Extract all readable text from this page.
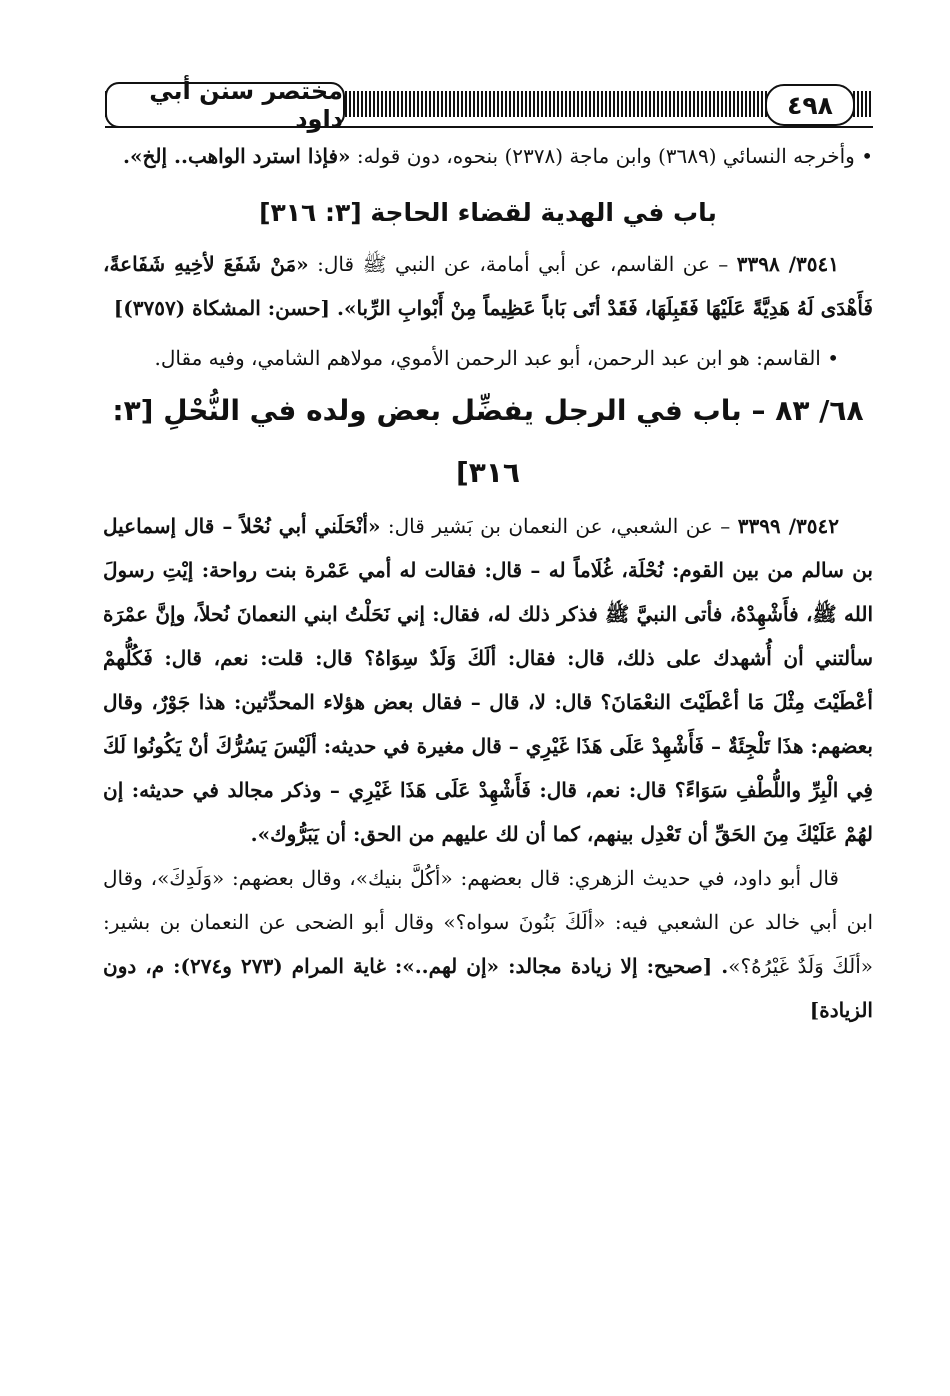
مختصر سنن أبي داود	٤٩٨

• وأخرجه النسائي (٣٦٨٩) وابن ماجة (٢٣٧٨) بنحوه، دون قوله: «فإذا استرد الواهب.. إلخ».

باب في الهدية لقضاء الحاجة [٣: ٣١٦]

٣٥٤١/ ٣٣٩٨ – عن القاسم، عن أبي أمامة، عن النبي ﷺ قال: «مَنْ شَفَعَ لأخِيهِ شَفَاعةً، فَأَهْدَى لَهُ هَدِيَّةً عَلَيْهَا فَقَبِلَهَا، فَقَدْ أتَى بَاباً عَظِيماً مِنْ أَبْوابِ الرِّبا». [حسن: المشكاة (٣٧٥٧)]

• القاسم: هو ابن عبد الرحمن، أبو عبد الرحمن الأموي، مولاهم الشامي، وفيه مقال.

٦٨/ ٨٣ – باب في الرجل يفضِّل بعض ولده في النُّحْلِ [٣: ٣١٦]

٣٥٤٢/ ٣٣٩٩ – عن الشعبي، عن النعمان بن بَشير قال: «أنْحَلَني أبي نُحْلاً – قال إسماعيل بن سالم من بين القوم: نُحْلَة، غُلَاماً له – قال: فقالت له أمي عَمْرة بنت رواحة: إيْتِ رسولَ الله ﷺ، فأَشْهِدْهُ، فأتى النبيَّ ﷺ فذكر ذلك له، فقال: إني نَحَلْتُ ابني النعمانَ نُحلاً، وإنَّ عمْرَة سألتني أن أُشهدك على ذلك، قال: فقال: ألَكَ وَلَدٌ سِوَاهُ؟ قال: قلت: نعم، قال: فَكُلُّهمْ أعْطَيْتَ مِثْلَ مَا أعْطَيْتَ النعْمَانَ؟ قال: لا، قال – فقال بعض هؤلاء المحدِّثين: هذا جَوْرٌ، وقال بعضهم: هذَا تَلْجِئَةٌ – فَأَشْهِدْ عَلَى هَذَا غَيْرِي – قال مغيرة في حديثه: ألَيْسَ يَسُرُّكَ أنْ يَكُونُوا لَكَ فِي الْبِرِّ واللُّطْفِ سَوَاءً؟ قال: نعم، قال: فَأَشْهِدْ عَلَى هَذَا غَيْرِي – وذكر مجالد في حديثه: إن لهُمْ عَلَيْكَ مِنَ الحَقِّ أن تَعْدِل بينهم، كما أن لك عليهم من الحق: أن يَبَرُّوك».

قال أبو داود، في حديث الزهري: قال بعضهم: «أكُلَّ بنيك»، وقال بعضهم: «وَلَدِكَ»، وقال ابن أبي خالد عن الشعبي فيه: «ألَكَ بَنُونَ سواه؟» وقال أبو الضحى عن النعمان بن بشير: «ألَكَ وَلَدٌ غَيْرُهُ؟». [صحيح: إلا زيادة مجالد: «إن لهم..»: غاية المرام (٢٧٣ و٢٧٤): م، دون الزيادة]
